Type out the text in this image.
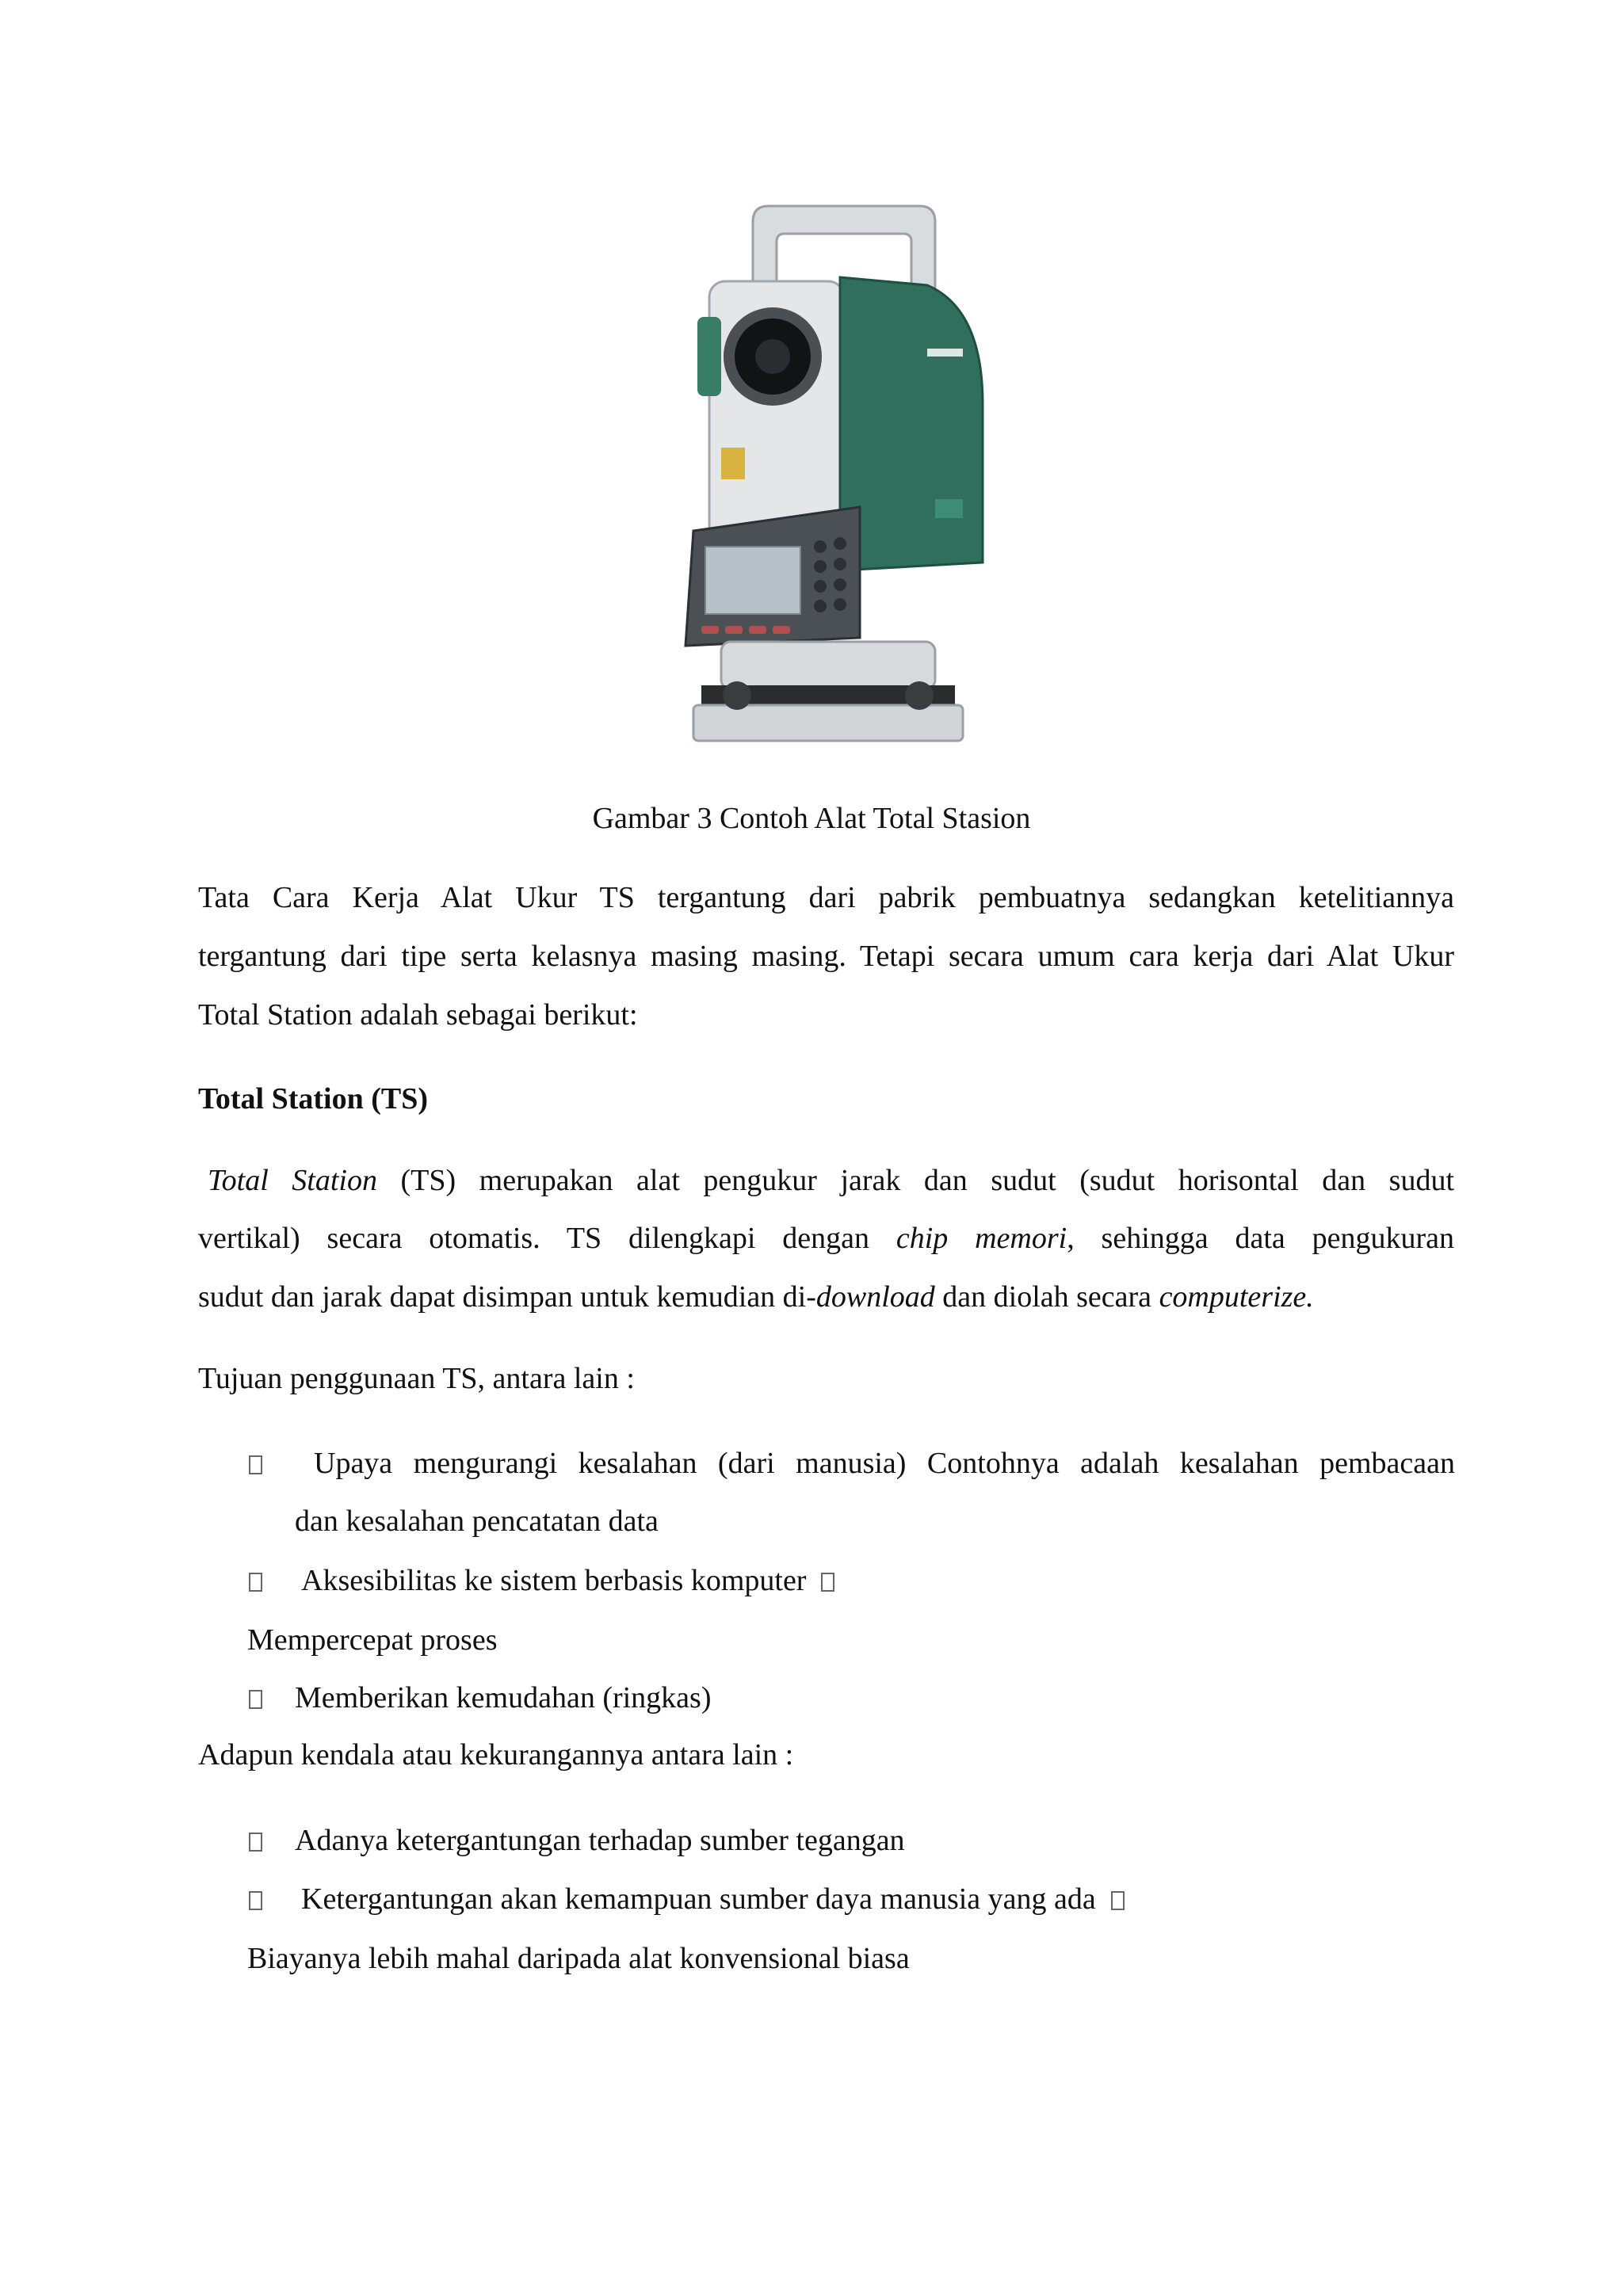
Gambar 3 Contoh Alat Total Stasion
Tata Cara Kerja Alat Ukur TS tergantung dari pabrik pembuatnya sedangkan ketelitiannya
tergantung dari tipe serta kelasnya masing masing. Tetapi secara umum cara kerja dari Alat Ukur
Total Station adalah sebagai berikut:
Total Station (TS)
Total Station (TS) merupakan alat pengukur jarak dan sudut (sudut horisontal dan sudut
vertikal) secara otomatis. TS dilengkapi dengan chip memori, sehingga data pengukuran
sudut dan jarak dapat disimpan untuk kemudian di-download dan diolah secara computerize.
Tujuan penggunaan TS, antara lain :
Upaya mengurangi kesalahan (dari manusia) Contohnya adalah kesalahan pembacaan
dan kesalahan pencatatan data
Aksesibilitas ke sistem berbasis komputer
Mempercepat proses
Memberikan kemudahan (ringkas)
Adapun kendala atau kekurangannya antara lain :
Adanya ketergantungan terhadap sumber tegangan
Ketergantungan akan kemampuan sumber daya manusia yang ada
Biayanya lebih mahal daripada alat konvensional biasa
